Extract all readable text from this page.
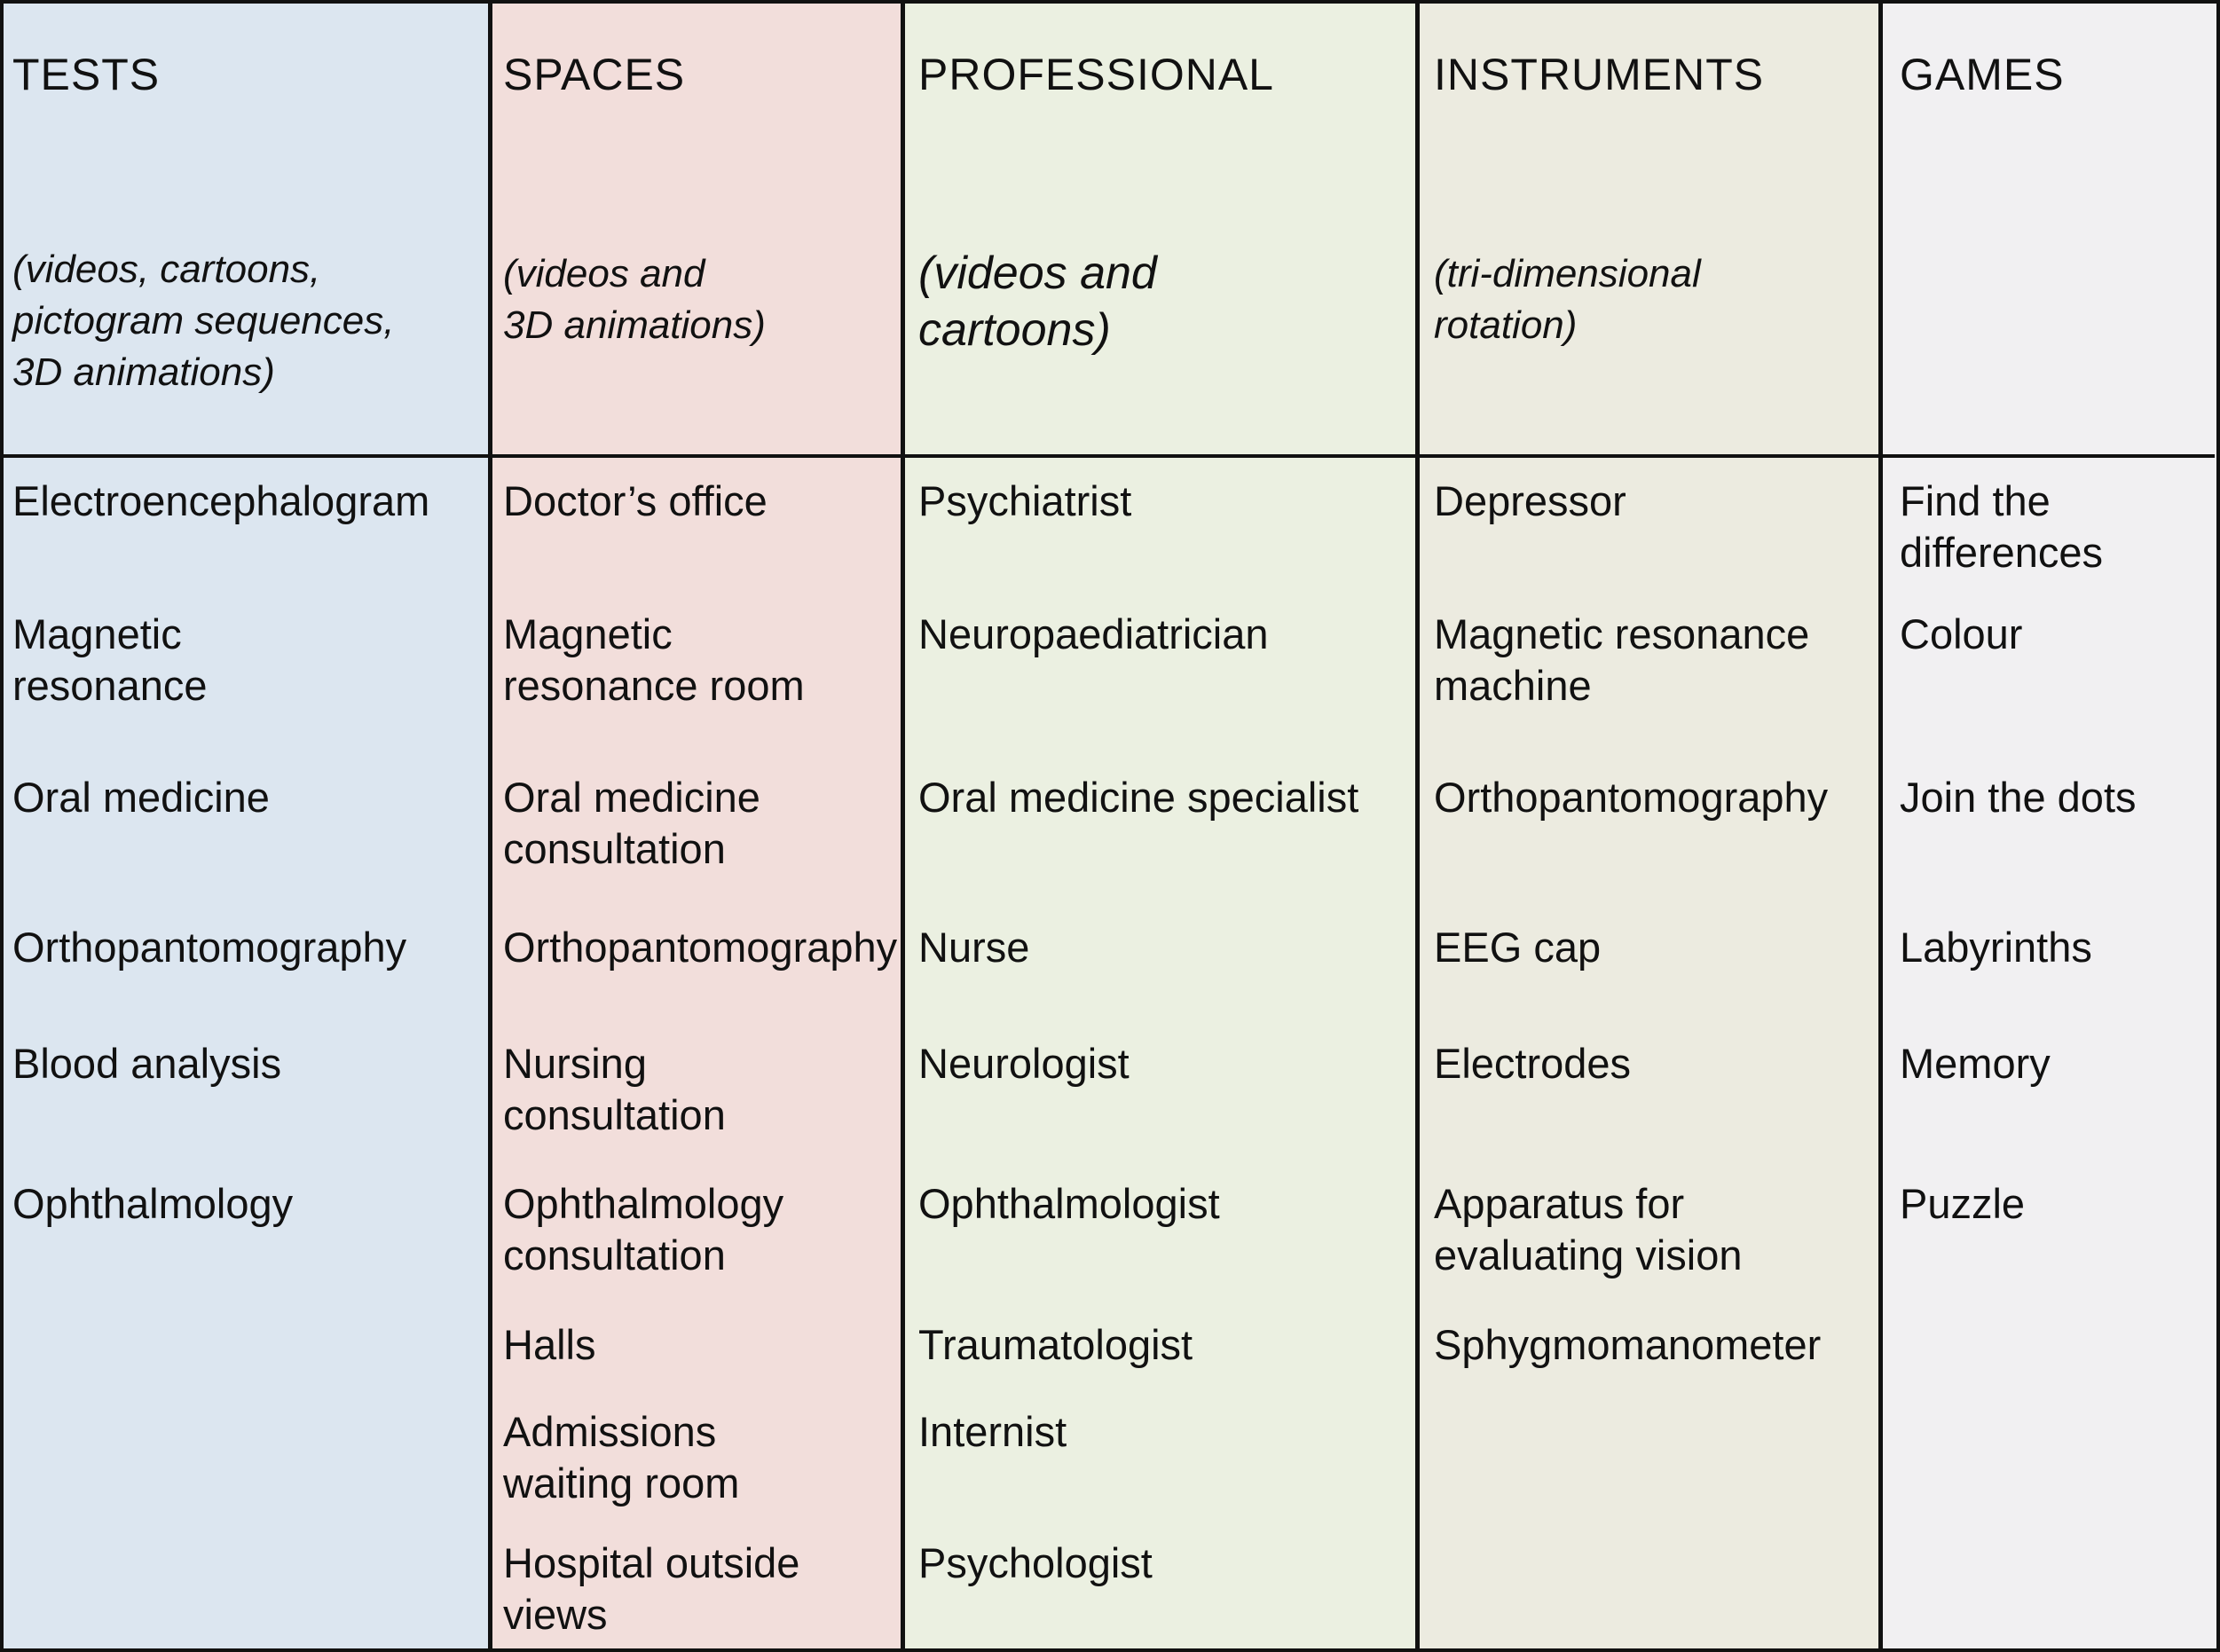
TESTS
(videos, cartoons,
pictogram sequences,
3D animations)
Electroencephalogram
Magnetic
resonance
Oral medicine
Orthopantomography
Blood analysis
Ophthalmology
SPACES
(videos and
3D animations)
Doctor’s office
Magnetic
resonance room
Oral medicine
consultation
Orthopantomography
Nursing
consultation
Ophthalmology
consultation
Halls
Admissions
waiting room
Hospital outside
views
PROFESSIONAL
(videos and
cartoons)
Psychiatrist
Neuropaediatrician
Oral medicine specialist
Nurse
Neurologist
Ophthalmologist
Traumatologist
Internist
Psychologist
INSTRUMENTS
(tri-dimensional
rotation)
Depressor
Magnetic resonance
machine
Orthopantomography
EEG cap
Electrodes
Apparatus for
evaluating vision
Sphygmomanometer
GAMES
Find the
differences
Colour
Join the dots
Labyrinths
Memory
Puzzle
